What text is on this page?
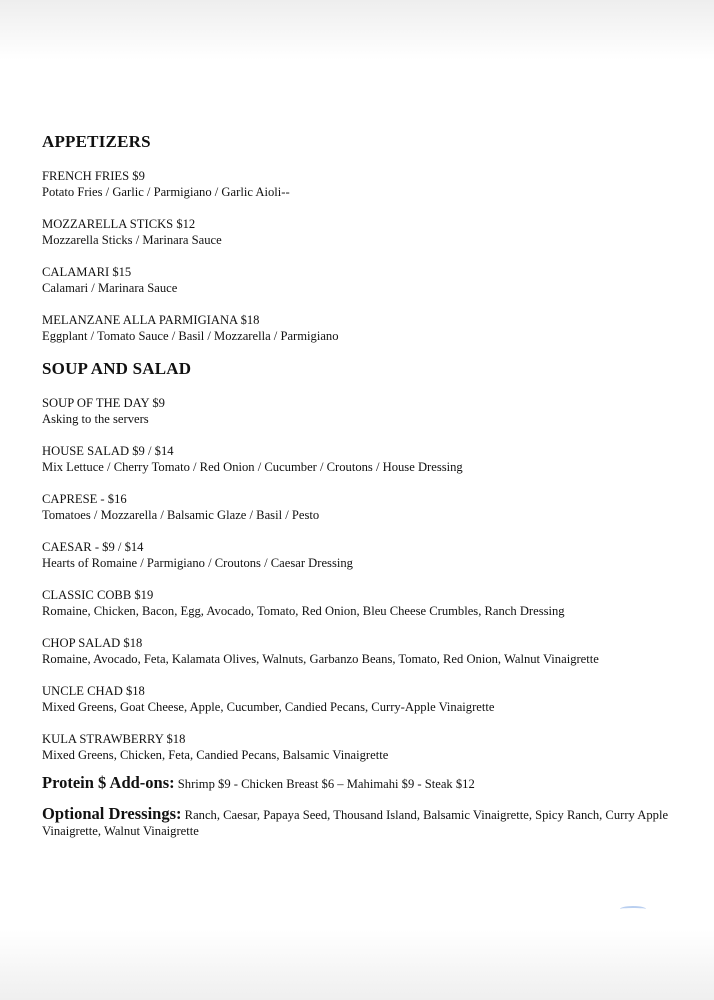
APPETIZERS
FRENCH FRIES $9
Potato Fries / Garlic / Parmigiano / Garlic Aioli--
MOZZARELLA STICKS $12
Mozzarella Sticks / Marinara Sauce
CALAMARI $15
Calamari / Marinara Sauce
MELANZANE ALLA PARMIGIANA $18
Eggplant / Tomato Sauce / Basil / Mozzarella / Parmigiano
SOUP AND SALAD
SOUP OF THE DAY $9
Asking to the servers
HOUSE SALAD $9 / $14
Mix Lettuce / Cherry Tomato / Red Onion / Cucumber / Croutons / House Dressing
CAPRESE - $16
Tomatoes / Mozzarella / Balsamic Glaze / Basil / Pesto
CAESAR - $9 / $14
Hearts of Romaine / Parmigiano / Croutons / Caesar Dressing
CLASSIC COBB $19
Romaine, Chicken, Bacon, Egg, Avocado, Tomato, Red Onion, Bleu Cheese Crumbles, Ranch Dressing
CHOP SALAD $18
Romaine, Avocado, Feta, Kalamata Olives, Walnuts, Garbanzo Beans, Tomato, Red Onion, Walnut Vinaigrette
UNCLE CHAD $18
Mixed Greens, Goat Cheese, Apple, Cucumber, Candied Pecans, Curry-Apple Vinaigrette
KULA STRAWBERRY $18
Mixed Greens, Chicken, Feta, Candied Pecans, Balsamic Vinaigrette
Protein $ Add-ons: Shrimp $9 - Chicken Breast $6 – Mahimahi $9 - Steak $12
Optional Dressings: Ranch, Caesar, Papaya Seed, Thousand Island, Balsamic Vinaigrette, Spicy Ranch, Curry Apple Vinaigrette, Walnut Vinaigrette
